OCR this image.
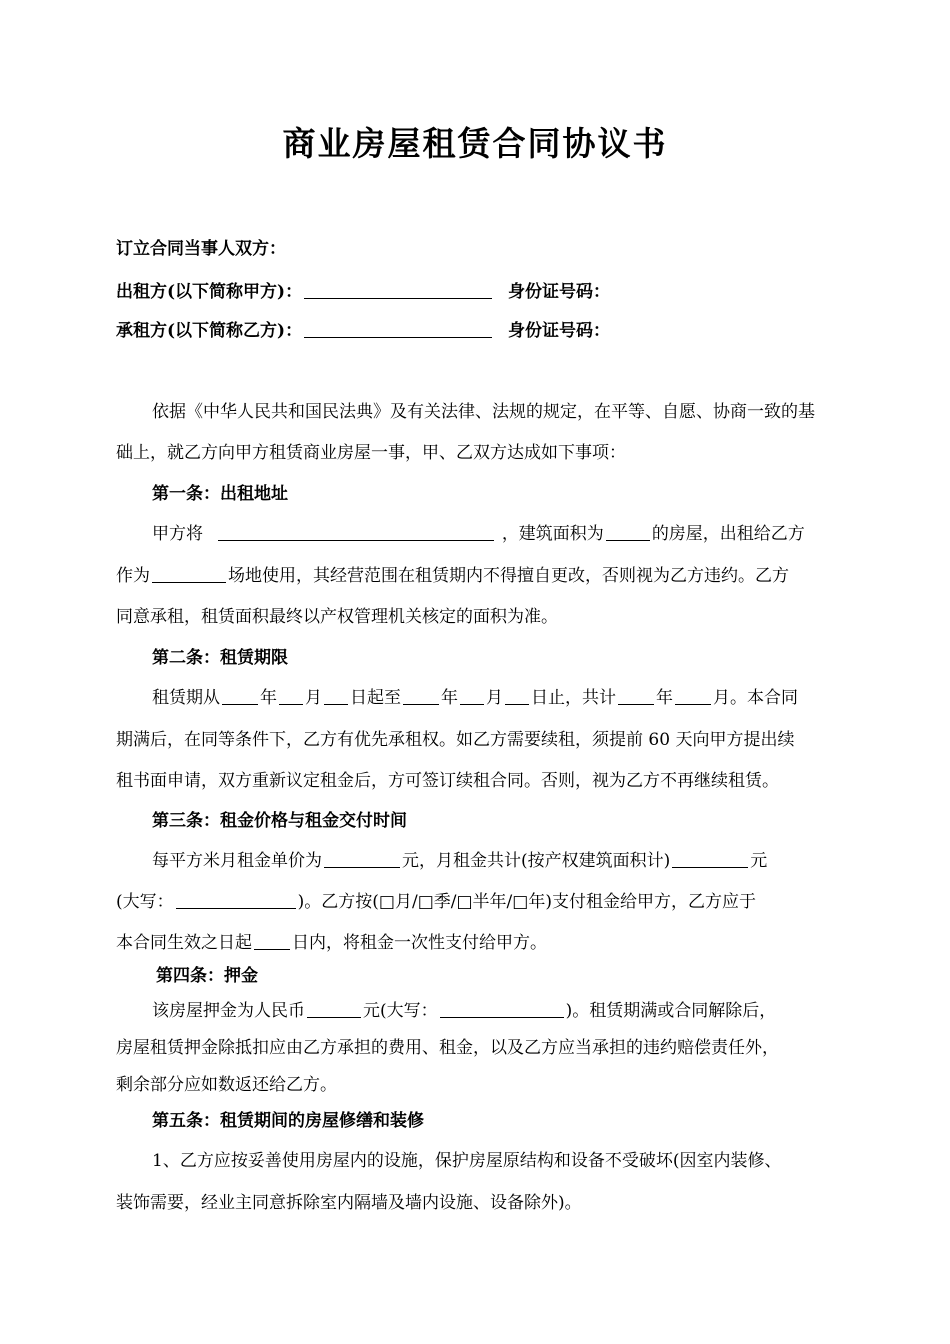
商业房屋租赁合同协议书
订立合同当事人双方：
出租方(以下简称甲方)：	身份证号码：
承租方(以下简称乙方)：	身份证号码：
依据《中华人民共和国民法典》及有关法律、法规的规定，在平等、自愿、协商一致的基
础上，就乙方向甲方租赁商业房屋一事，甲、乙双方达成如下事项：
第一条：出租地址
甲方将	，建筑面积为	的房屋，出租给乙方
作为	场地使用，其经营范围在租赁期内不得擅自更改，否则视为乙方违约。乙方
同意承租，租赁面积最终以产权管理机关核定的面积为准。
第二条：租赁期限
租赁期从 年 月 日起至 年 月 日止，共计 年 月。本合同
期满后，在同等条件下，乙方有优先承租权。如乙方需要续租，须提前 60 天向甲方提出续
租书面申请，双方重新议定租金后，方可签订续租合同。否则，视为乙方不再继续租赁。
第三条：租金价格与租金交付时间
每平方米月租金单价为	元，月租金共计(按产权建筑面积计)	元
(大写：	)。乙方按(□月/□季/□半年/□年)支付租金给甲方，乙方应于
本合同生效之日起 日内，将租金一次性支付给甲方。
第四条：押金
该房屋押金为人民币	元(大写：	)。租赁期满或合同解除后，
房屋租赁押金除抵扣应由乙方承担的费用、租金，以及乙方应当承担的违约赔偿责任外，
剩余部分应如数返还给乙方。
第五条：租赁期间的房屋修缮和装修
1、乙方应按妥善使用房屋内的设施，保护房屋原结构和设备不受破坏(因室内装修、
装饰需要，经业主同意拆除室内隔墙及墙内设施、设备除外)。
